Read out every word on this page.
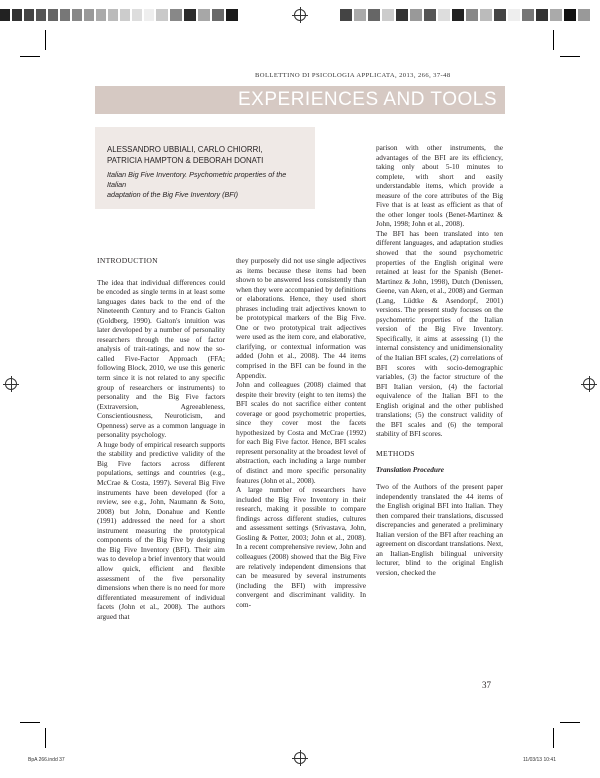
BOLLETTINO DI PSICOLOGIA APPLICATA, 2013, 266, 37-48
EXPERIENCES AND TOOLS
ALESSANDRO UBBIALI, CARLO CHIORRI,
PATRICIA HAMPTON & DEBORAH DONATI
Italian Big Five Inventory. Psychometric properties of the Italian
adaptation of the Big Five Inventory (BFI)
INTRODUCTION

The idea that individual differences could be encoded as single terms in at least some languages dates back to the end of the Nineteenth Century and to Francis Galton (Goldberg, 1990). Galton's intuition was later developed by a number of personality researchers through the use of factor analysis of trait-ratings, and now the so-called Five-Factor Approach (FFA; following Block, 2010, we use this generic term since it is not related to any specific group of researchers or instruments) to personality and the Big Five factors (Extraversion, Agreeableness, Conscientiousness, Neuroticism, and Openness) serve as a common language in personality psychology.

A huge body of empirical research supports the stability and predictive validity of the Big Five factors across different populations, settings and countries (e.g., McCrae & Costa, 1997). Several Big Five instruments have been developed (for a review, see e.g., John, Naumann & Soto, 2008) but John, Donahue and Kentle (1991) addressed the need for a short instrument measuring the prototypical components of the Big Five by designing the Big Five Inventory (BFI). Their aim was to develop a brief inventory that would allow quick, efficient and flexible assessment of the five personality dimensions when there is no need for more differentiated measurement of individual facets (John et al., 2008). The authors argued that

they purposely did not use single adjectives as items because these items had been shown to be answered less consistently than when they were accompanied by definitions or elaborations. Hence, they used short phrases including trait adjectives known to be prototypical markers of the Big Five. One or two prototypical trait adjectives were used as the item core, and elaborative, clarifying, or contextual information was added (John et al., 2008). The 44 items comprised in the BFI can be found in the Appendix.

John and colleagues (2008) claimed that despite their brevity (eight to ten items) the BFI scales do not sacrifice either content coverage or good psychometric properties, since they cover most the facets hypothesized by Costa and McCrae (1992) for each Big Five factor. Hence, BFI scales represent personality at the broadest level of abstraction, each including a large number of distinct and more specific personality features (John et al., 2008).

A large number of researchers have included the Big Five Inventory in their research, making it possible to compare findings across different studies, cultures and assessment settings (Srivastava, John, Gosling & Potter, 2003; John et al., 2008). In a recent comprehensive review, John and colleagues (2008) showed that the Big Five are relatively independent dimensions that can be measured by several instruments (including the BFI) with impressive convergent and discriminant validity. In com-

parison with other instruments, the advantages of the BFI are its efficiency, taking only about 5-10 minutes to complete, with short and easily understandable items, which provide a measure of the core attributes of the Big Five that is at least as efficient as that of the other longer tools (Benet-Martinez & John, 1998; John et al., 2008).

The BFI has been translated into ten different languages, and adaptation studies showed that the sound psychometric properties of the English original were retained at least for the Spanish (Benet-Martinez & John, 1998), Dutch (Denissen, Geene, van Aken, et al., 2008) and German (Lang, Lüdtke & Asendorpf, 2001) versions. The present study focuses on the psychometric properties of the Italian version of the Big Five Inventory. Specifically, it aims at assessing (1) the internal consistency and unidimensionality of the Italian BFI scales, (2) correlations of BFI scores with socio-demographic variables, (3) the factor structure of the BFI Italian version, (4) the factorial equivalence of the Italian BFI to the English original and the other published translations; (5) the construct validity of the BFI scales and (6) the temporal stability of BFI scores.

METHODS
Translation Procedure

Two of the Authors of the present paper independently translated the 44 items of the English original BFI into Italian. They then compared their translations, discussed discrepancies and generated a preliminary Italian version of the BFI after reaching an agreement on discordant translations. Next, an Italian-English bilingual university lecturer, blind to the original English version, checked the

37
BpA 266.indd 37	11/03/13 10:41
